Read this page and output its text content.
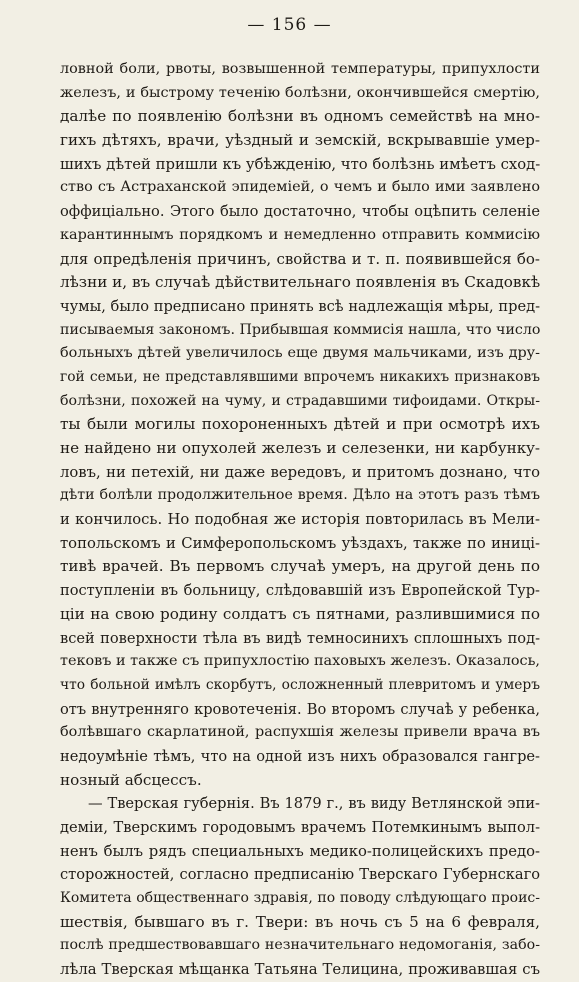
— 156 —
ловной боли, рвоты, возвышенной температуры, припухлости
железъ, и быстрому теченію болѣзни, окончившейся смертію,
далѣе по появленію болѣзни въ одномъ семействѣ на мно-
гихъ дѣтяхъ, врачи, уѣздный и земскій, вскрывавшіе умер-
шихъ дѣтей пришли къ убѣжденію, что болѣзнь имѣетъ сход-
ство съ Астраханской эпидеміей, о чемъ и было ими заявлено
оффиціально. Этого было достаточно, чтобы оцѣпить селеніе
карантиннымъ порядкомъ и немедленно отправить коммисію
для опредѣленія причинъ, свойства и т. п. появившейся бо-
лѣзни и, въ случаѣ дѣйствительнаго появленія въ Скадовкѣ
чумы, было предписано принять всѣ надлежащія мѣры, пред-
писываемыя закономъ. Прибывшая коммисія нашла, что число
больныхъ дѣтей увеличилось еще двумя мальчиками, изъ дру-
гой семьи, не представлявшими впрочемъ никакихъ признаковъ
болѣзни, похожей на чуму, и страдавшими тифоидами. Откры-
ты были могилы похороненныхъ дѣтей и при осмотрѣ ихъ
не найдено ни опухолей железъ и селезенки, ни карбункy-
ловъ, ни петехій, ни даже вередовъ, и притомъ дознано, что
дѣти болѣли продолжительное время. Дѣло на этотъ разъ тѣмъ
и кончилось. Но подобная же исторія повторилась въ Мели-
топольскомъ и Симферопольскомъ уѣздахъ, также по иниці-
тивѣ врачей. Въ первомъ случаѣ умеръ, на другой день по
поступленіи въ больницу, слѣдовавшій изъ Европейской Тур-
ціи на свою родину солдатъ съ пятнами, разлившимися по
всей поверхности тѣла въ видѣ темносинихъ сплошныхъ под-
тековъ и также съ припухлостію паховыхъ железъ. Оказалось,
что больной имѣлъ скорбутъ, осложненный плевритомъ и умеръ
отъ внутренняго кровотеченія. Во второмъ случаѣ у ребенка,
болѣвшаго скарлатиной, распухшія железы привели врача въ
недоумѣніе тѣмъ, что на одной изъ нихъ образовался гангре-
нозный абсцессъ.
— Тверская губернія. Въ 1879 г., въ виду Ветлянской эпи-
деміи, Тверскимъ городовымъ врачемъ Потемкинымъ выпол-
ненъ былъ рядъ специальныхъ медико-полицейскихъ предо-
сторожностей, согласно предписанію Тверскаго Губернскаго
Комитета общественнаго здравія, по поводу слѣдующаго проис-
шествія, бывшаго въ г. Твери: въ ночь съ 5 на 6 февраля,
послѣ предшествовавшаго незначительнаго недомоганія, забо-
лѣла Тверская мѣщанка Татьяна Телицина, проживавшая съ
